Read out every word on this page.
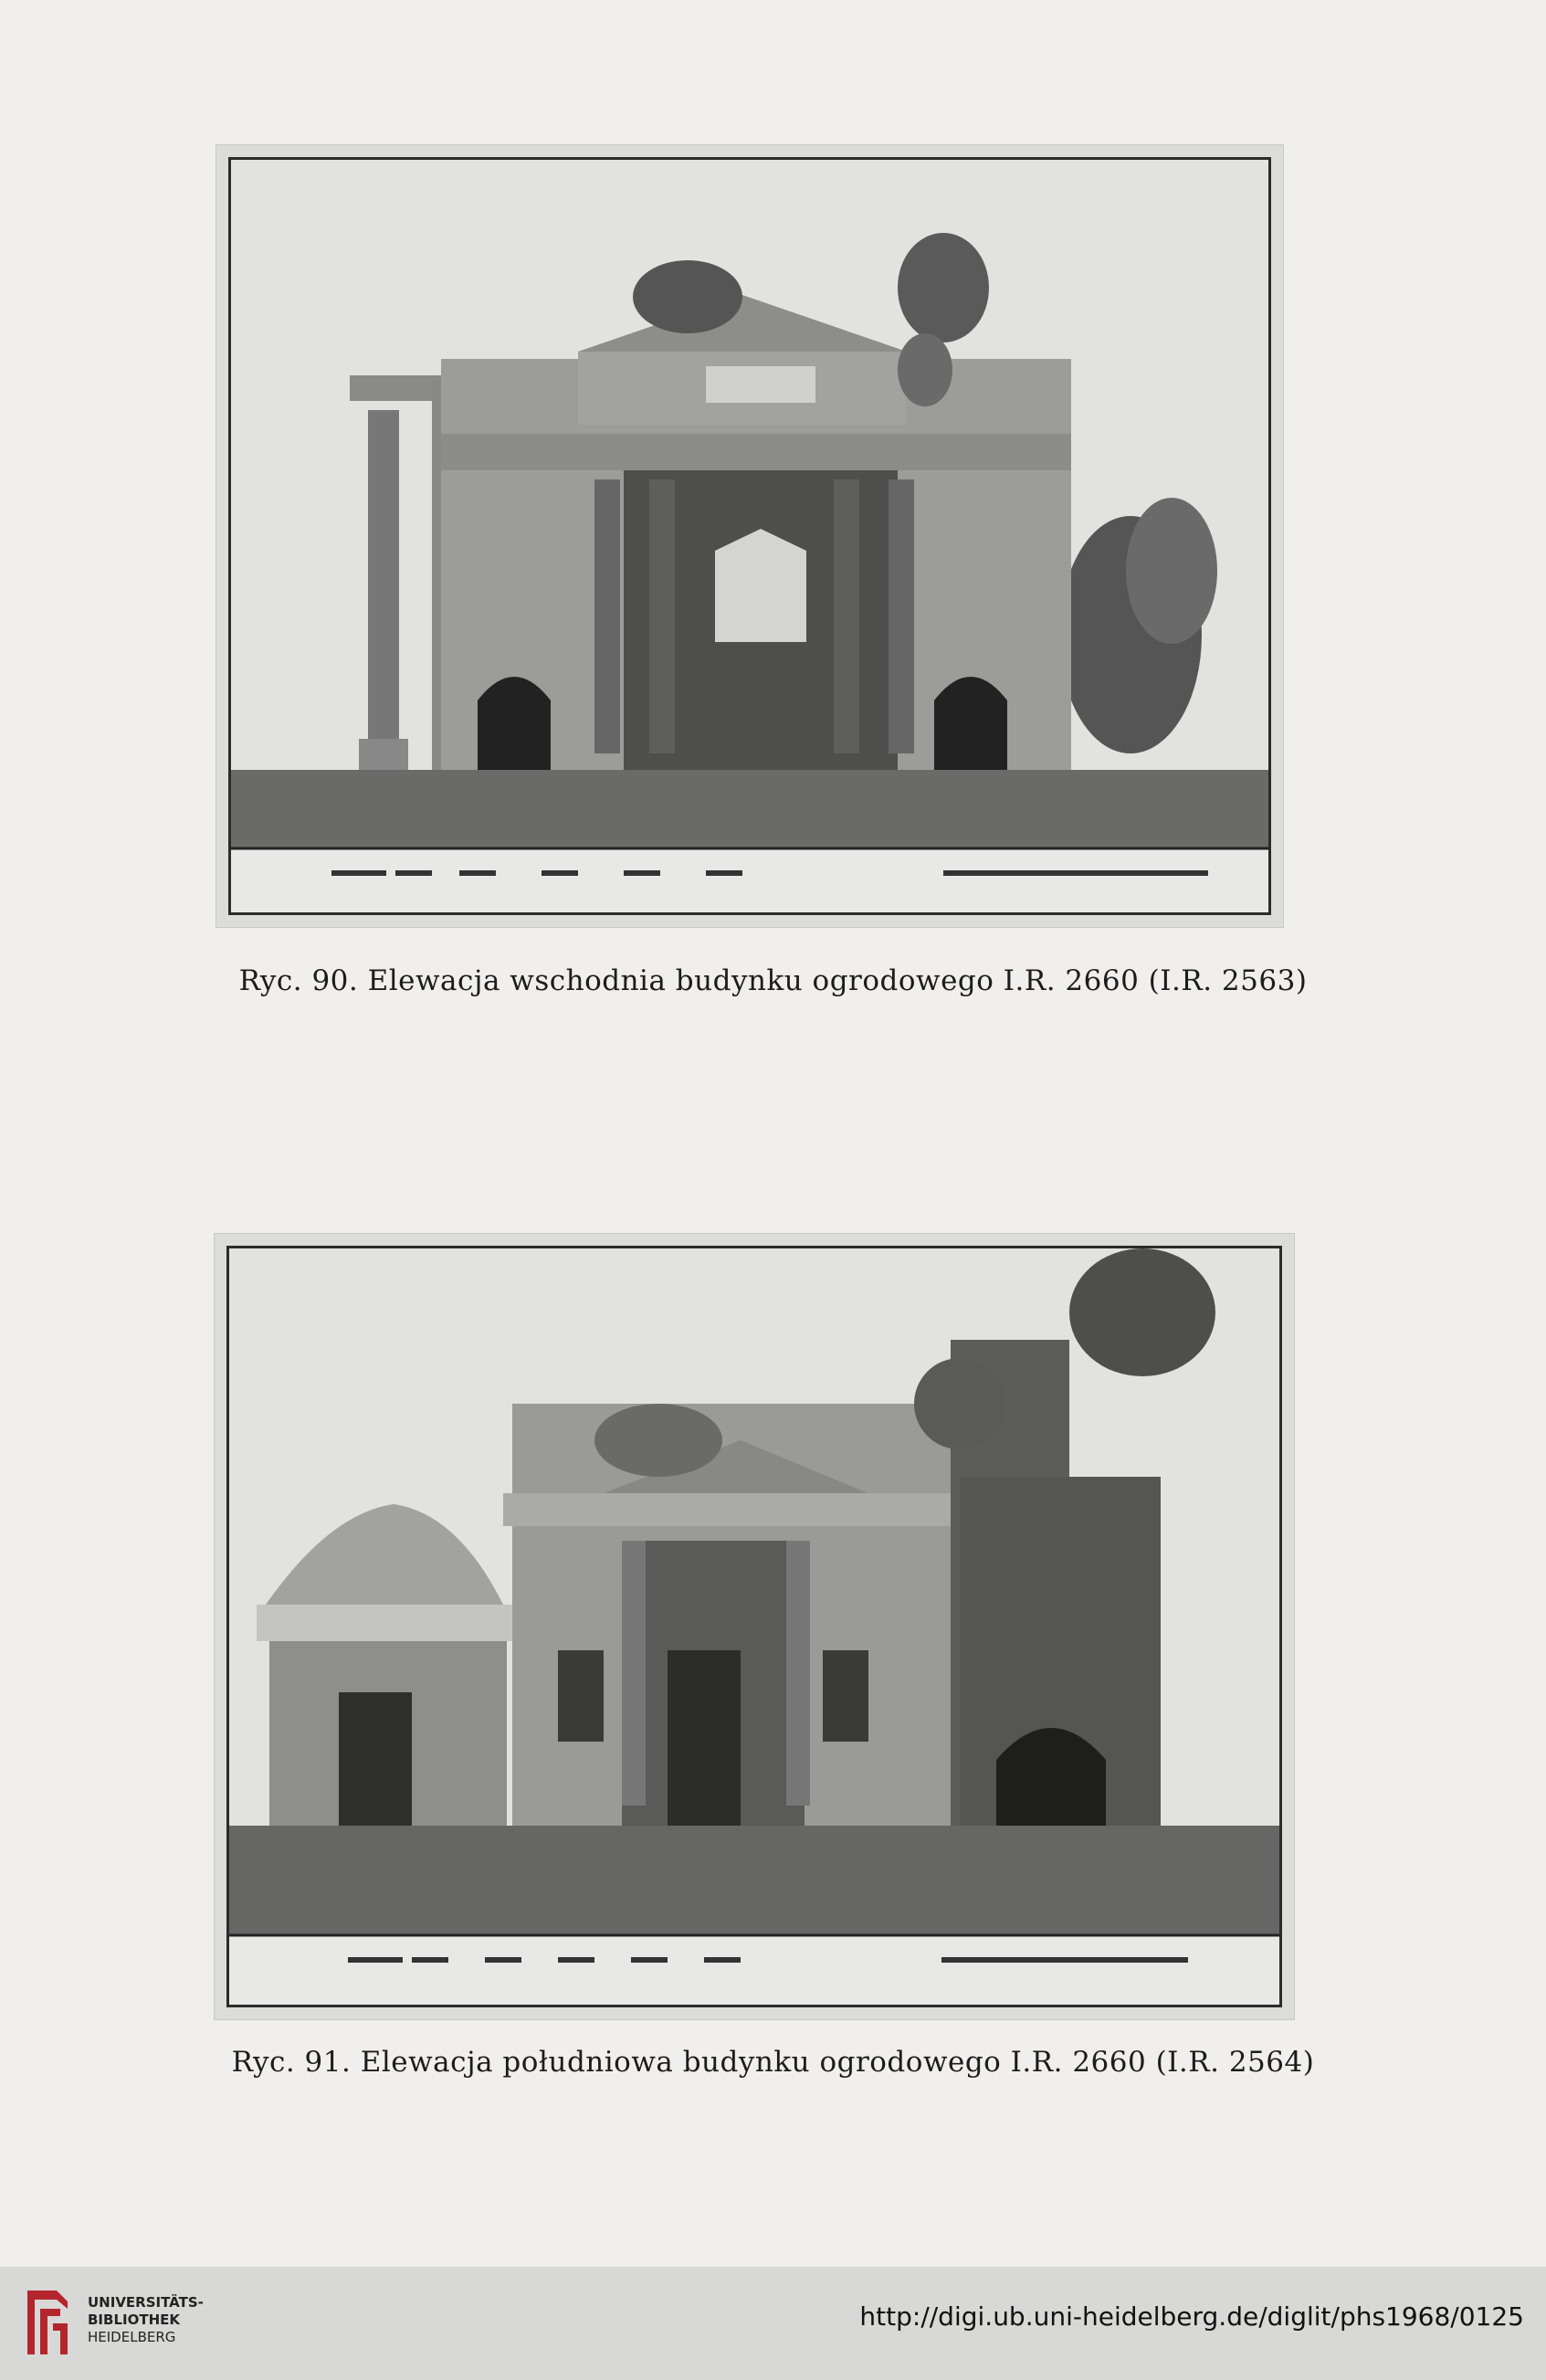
Ryc. 90. Elewacja wschodnia budynku ogrodowego I.R. 2660 (I.R. 2563)
Ryc. 91. Elewacja południowa budynku ogrodowego I.R. 2660 (I.R. 2564)
UNIVERSITÄTS-
BIBLIOTHEK
HEIDELBERG
http://digi.ub.uni-heidelberg.de/diglit/phs1968/0125
